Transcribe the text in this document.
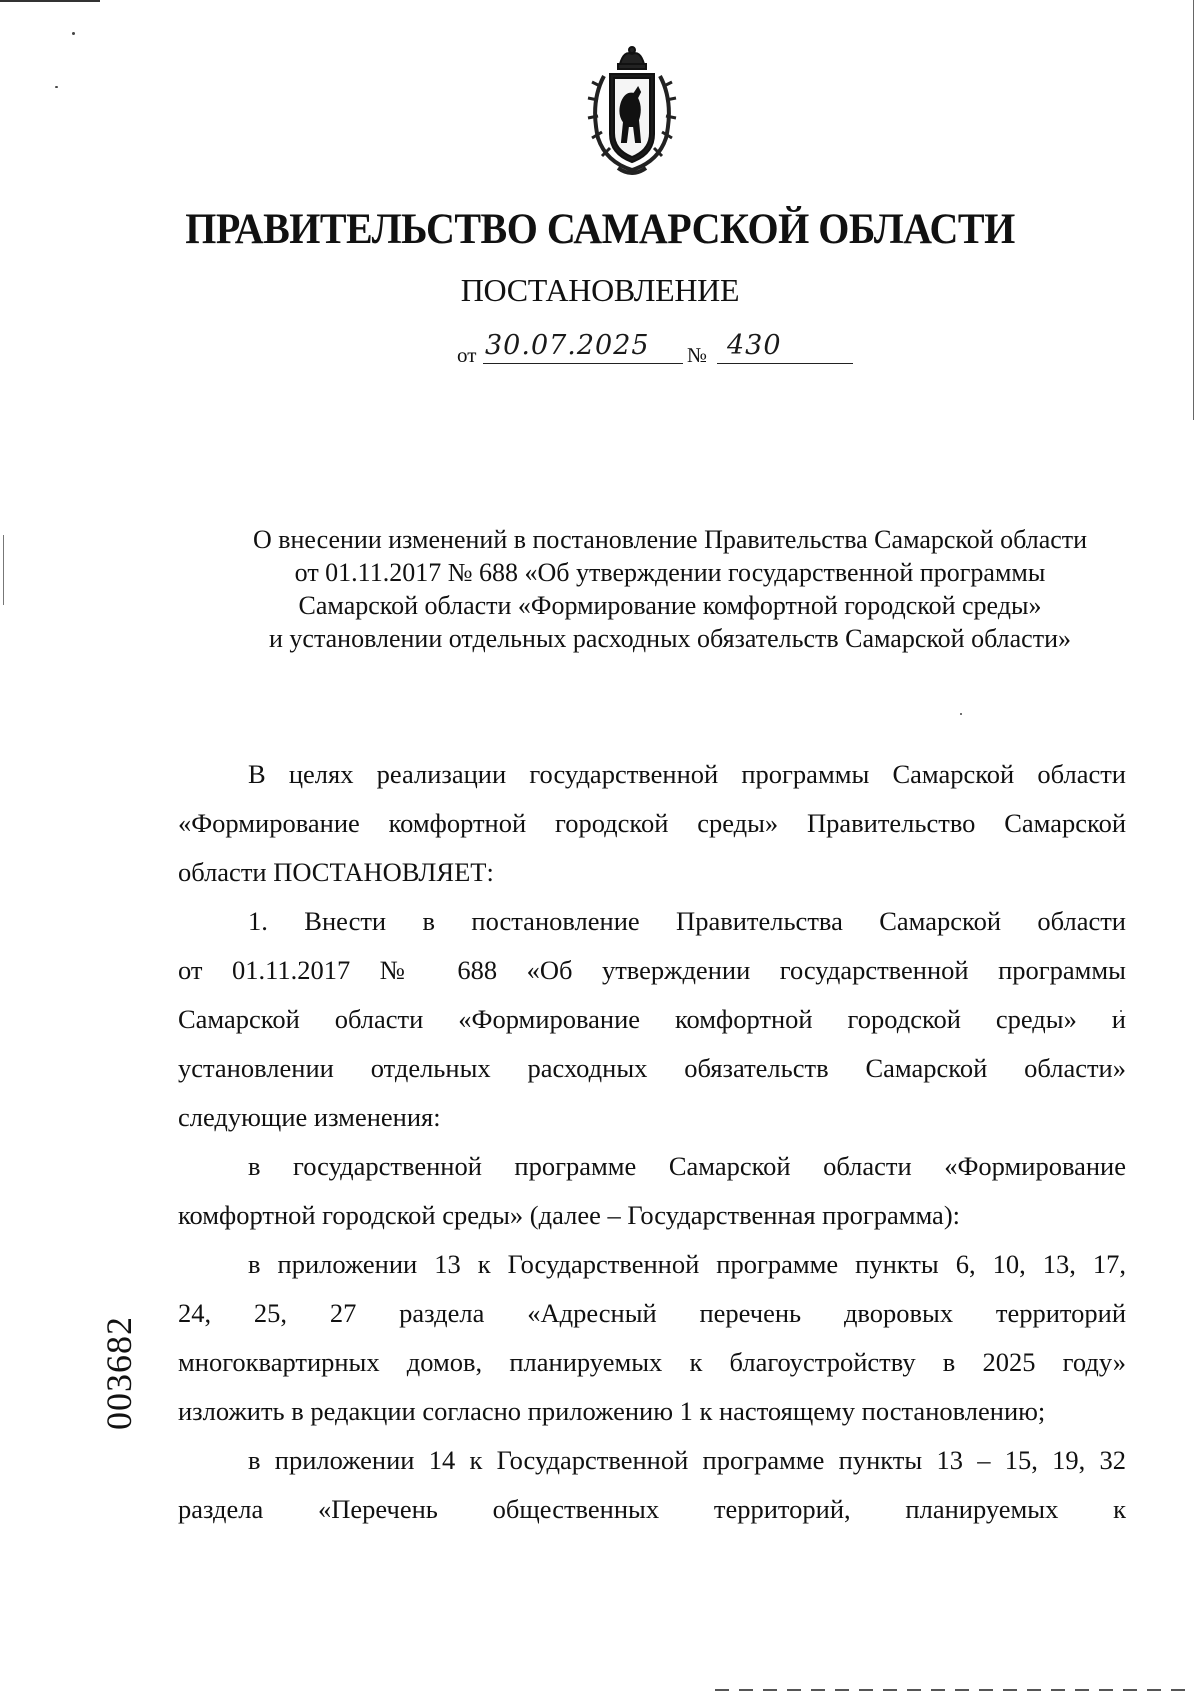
ПРАВИТЕЛЬСТВО САМАРСКОЙ ОБЛАСТИ
ПОСТАНОВЛЕНИЕ
от 30.07.2025 № 430
О внесении изменений в постановление Правительства Самарской области
от 01.11.2017 № 688 «Об утверждении государственной программы
Самарской области «Формирование комфортной городской среды»
и установлении отдельных расходных обязательств Самарской области»
В целях реализации государственной программы Самарской области
«Формирование комфортной городской среды» Правительство Самарской
области ПОСТАНОВЛЯЕТ:
1. Внести в постановление Правительства Самарской области
от 01.11.2017 № 688 «Об утверждении государственной программы
Самарской области «Формирование комфортной городской среды» и
установлении отдельных расходных обязательств Самарской области»
следующие изменения:
в государственной программе Самарской области «Формирование
комфортной городской среды» (далее – Государственная программа):
в приложении 13 к Государственной программе пункты 6, 10, 13, 17,
24, 25, 27 раздела «Адресный перечень дворовых территорий
многоквартирных домов, планируемых к благоустройству в 2025 году»
изложить в редакции согласно приложению 1 к настоящему постановлению;
в приложении 14 к Государственной программе пункты 13 – 15, 19, 32
раздела «Перечень общественных территорий, планируемых к
003682
